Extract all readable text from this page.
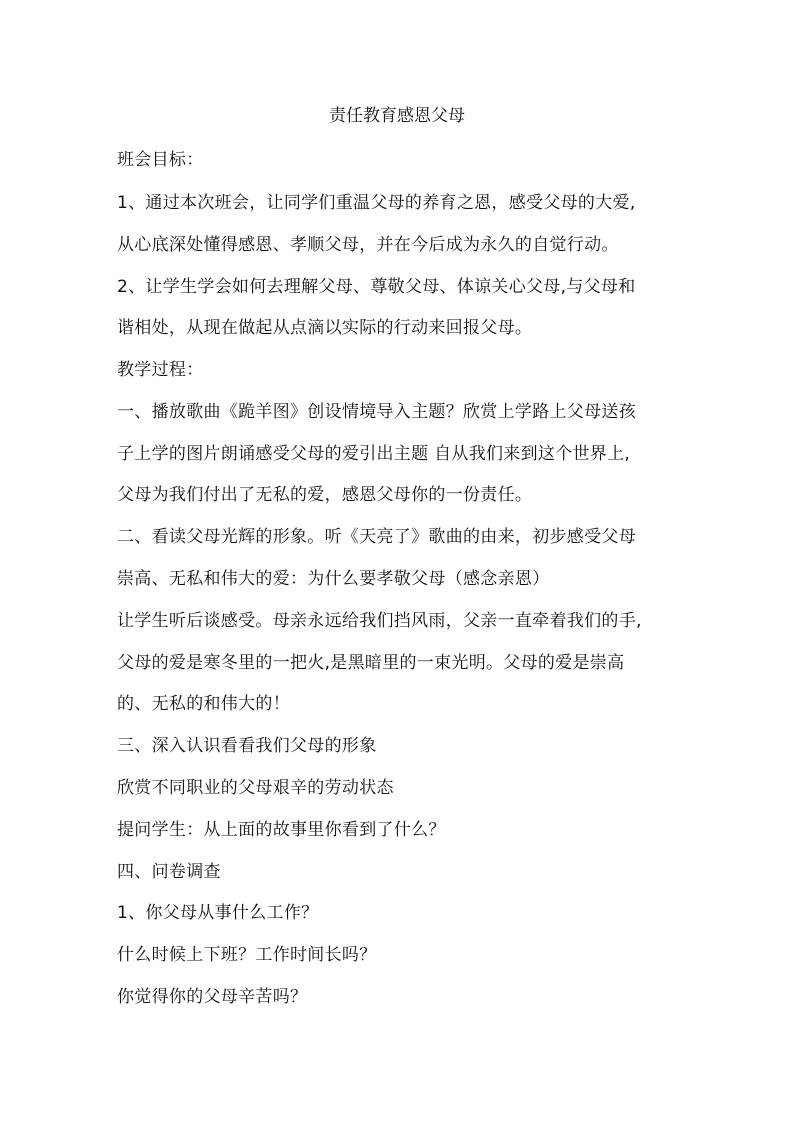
责任教育感恩父母
班会目标：
1、通过本次班会，让同学们重温父母的养育之恩，感受父母的大爱,
从心底深处懂得感恩、孝顺父母，并在今后成为永久的自觉行动。
2、让学生学会如何去理解父母、尊敬父母、体谅关心父母,与父母和
谐相处，从现在做起从点滴以实际的行动来回报父母。
教学过程：
一、播放歌曲《跪羊图》创设情境导入主题？欣赏上学路上父母送孩
子上学的图片朗诵感受父母的爱引出主题 自从我们来到这个世界上,
父母为我们付出了无私的爱，感恩父母你的一份责任。
二、看读父母光辉的形象。听《天亮了》歌曲的由来，初步感受父母
崇高、无私和伟大的爱：为什么要孝敬父母（感念亲恩）
让学生听后谈感受。母亲永远给我们挡风雨，父亲一直牵着我们的手,
父母的爱是寒冬里的一把火,是黑暗里的一束光明。父母的爱是崇高
的、无私的和伟大的！
三、深入认识看看我们父母的形象
欣赏不同职业的父母艰辛的劳动状态
提问学生：从上面的故事里你看到了什么？
四、问卷调查
1、你父母从事什么工作？
什么时候上下班？工作时间长吗？
你觉得你的父母辛苦吗？
